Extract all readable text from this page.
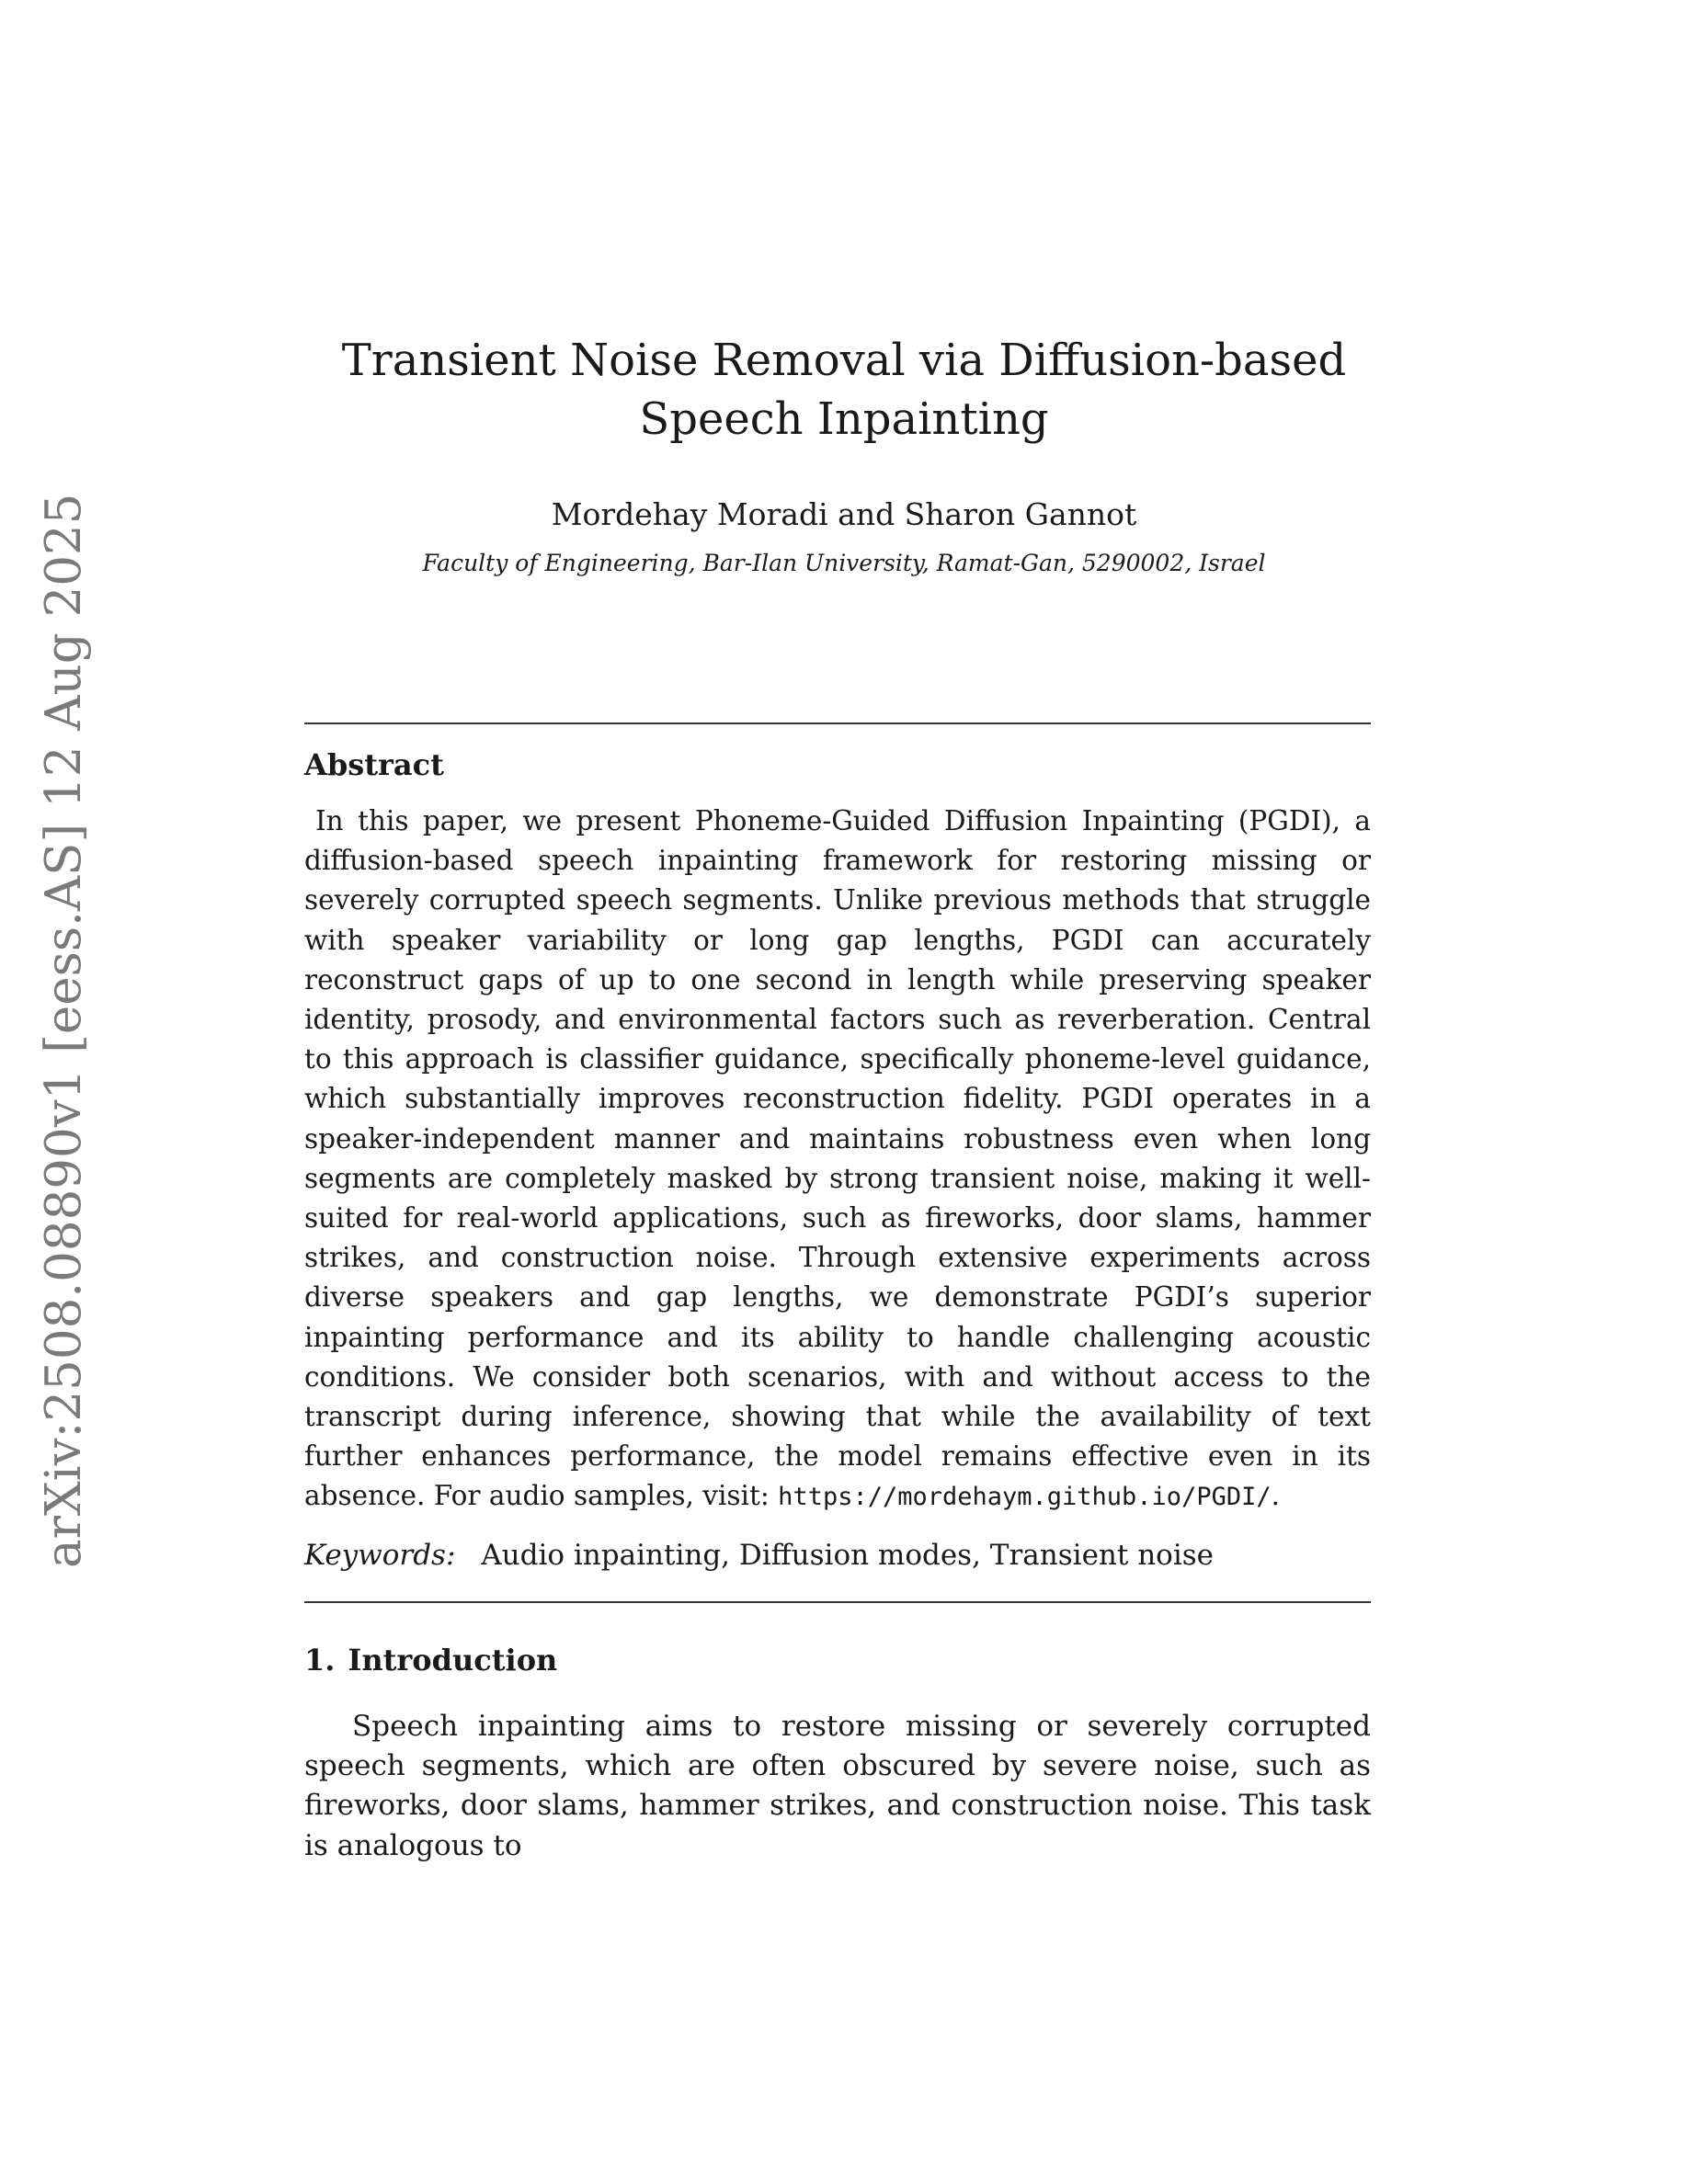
arXiv:2508.08890v1 [eess.AS] 12 Aug 2025
Transient Noise Removal via Diffusion-based Speech Inpainting
Mordehay Moradi and Sharon Gannot
Faculty of Engineering, Bar-Ilan University, Ramat-Gan, 5290002, Israel
Abstract

In this paper, we present Phoneme-Guided Diffusion Inpainting (PGDI), a diffusion-based speech inpainting framework for restoring missing or severely corrupted speech segments. Unlike previous methods that struggle with speaker variability or long gap lengths, PGDI can accurately reconstruct gaps of up to one second in length while preserving speaker identity, prosody, and environmental factors such as reverberation. Central to this approach is classifier guidance, specifically phoneme-level guidance, which substantially improves reconstruction fidelity. PGDI operates in a speaker-independent manner and maintains robustness even when long segments are completely masked by strong transient noise, making it well-suited for real-world applications, such as fireworks, door slams, hammer strikes, and construction noise. Through extensive experiments across diverse speakers and gap lengths, we demonstrate PGDI’s superior inpainting performance and its ability to handle challenging acoustic conditions. We consider both scenarios, with and without access to the transcript during inference, showing that while the availability of text further enhances performance, the model remains effective even in its absence. For audio samples, visit: https://mordehaym.github.io/PGDI/.

Keywords: Audio inpainting, Diffusion modes, Transient noise
1. Introduction

Speech inpainting aims to restore missing or severely corrupted speech segments, which are often obscured by severe noise, such as fireworks, door slams, hammer strikes, and construction noise. This task is analogous to
